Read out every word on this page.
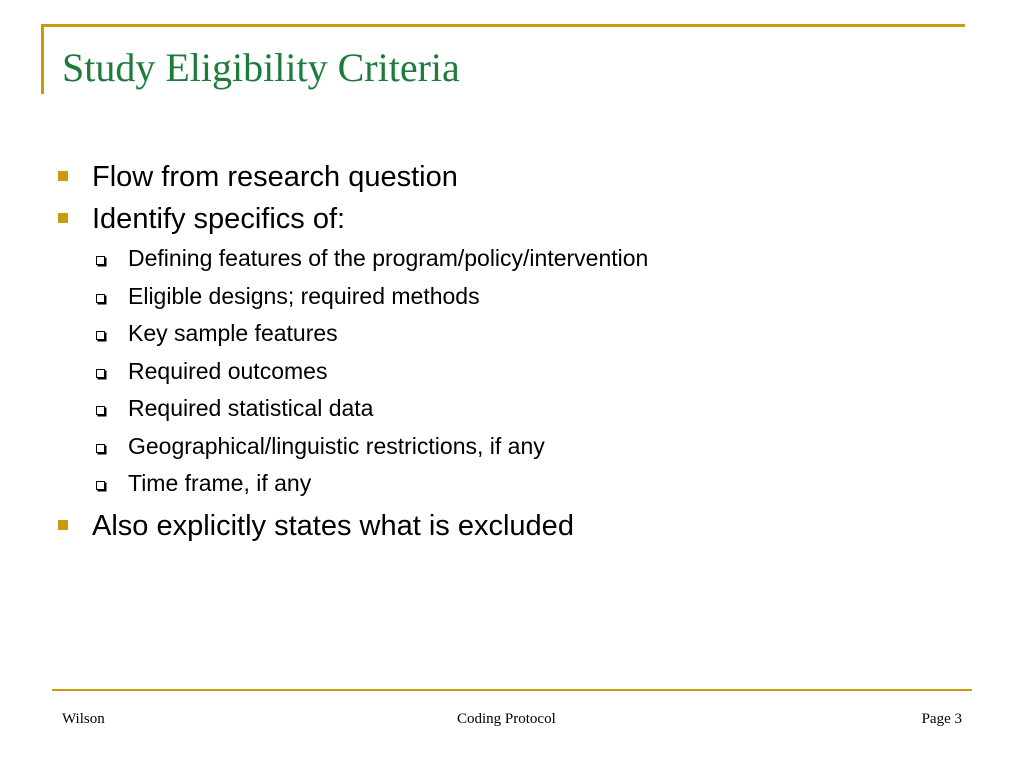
Study Eligibility Criteria
Flow from research question
Identify specifics of:
Defining features of the program/policy/intervention
Eligible designs; required methods
Key sample features
Required outcomes
Required statistical data
Geographical/linguistic restrictions, if any
Time frame, if any
Also explicitly states what is excluded
Wilson	Coding Protocol	Page 3
